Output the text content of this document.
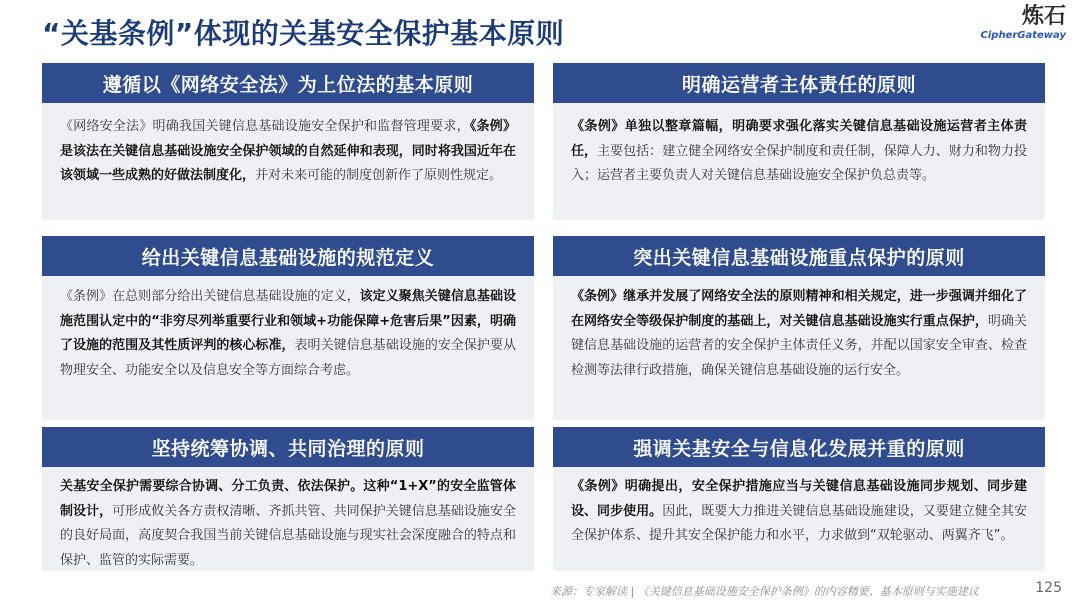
“关基条例”体现的关基安全保护基本原则
炼石
CipherGateway
遵循以《网络安全法》为上位法的基本原则
《网络安全法》明确我国关键信息基础设施安全保护和监督管理要求，《条例》是该法在关键信息基础设施安全保护领域的自然延伸和表现，同时将我国近年在该领域一些成熟的好做法制度化，并对未来可能的制度创新作了原则性规定。
明确运营者主体责任的原则
《条例》单独以整章篇幅，明确要求强化落实关键信息基础设施运营者主体责任，主要包括：建立健全网络安全保护制度和责任制，保障人力、财力和物力投入；运营者主要负责人对关键信息基础设施安全保护负总责等。
给出关键信息基础设施的规范定义
《条例》在总则部分给出关键信息基础设施的定义，该定义聚焦关键信息基础设施范围认定中的“非穷尽列举重要行业和领域+功能保障+危害后果”因素，明确了设施的范围及其性质评判的核心标准，表明关键信息基础设施的安全保护要从物理安全、功能安全以及信息安全等方面综合考虑。
突出关键信息基础设施重点保护的原则
《条例》继承并发展了网络安全法的原则精神和相关规定，进一步强调并细化了在网络安全等级保护制度的基础上，对关键信息基础设施实行重点保护，明确关键信息基础设施的运营者的安全保护主体责任义务，并配以国家安全审查、检查检测等法律行政措施，确保关键信息基础设施的运行安全。
坚持统筹协调、共同治理的原则
关基安全保护需要综合协调、分工负责、依法保护。这种“1+X”的安全监管体制设计，可形成攸关各方责权清晰、齐抓共管、共同保护关键信息基础设施安全的良好局面，高度契合我国当前关键信息基础设施与现实社会深度融合的特点和保护、监管的实际需要。
强调关基安全与信息化发展并重的原则
《条例》明确提出，安全保护措施应当与关键信息基础设施同步规划、同步建设、同步使用。因此，既要大力推进关键信息基础设施建设，又要建立健全其安全保护体系、提升其安全保护能力和水平，力求做到“双轮驱动、两翼齐飞”。
来源：专家解读 | 《关键信息基础设施安全保护条例》的内容精要、基本原则与实施建议	125
